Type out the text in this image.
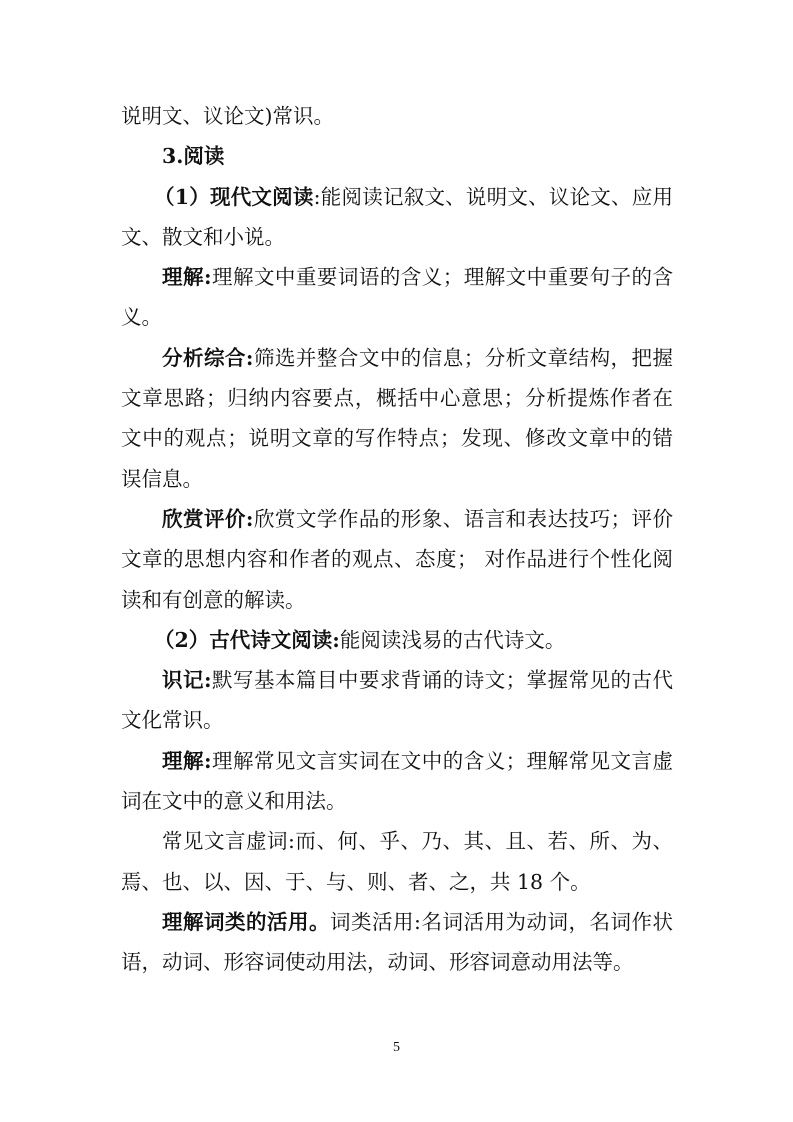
说明文、议论文)常识。

3.阅读

（1）现代文阅读:能阅读记叙文、说明文、议论文、应用文、散文和小说。

理解:理解文中重要词语的含义；理解文中重要句子的含义。

分析综合:筛选并整合文中的信息；分析文章结构，把握文章思路；归纳内容要点，概括中心意思；分析提炼作者在文中的观点；说明文章的写作特点；发现、修改文章中的错误信息。

欣赏评价:欣赏文学作品的形象、语言和表达技巧；评价文章的思想内容和作者的观点、态度； 对作品进行个性化阅读和有创意的解读。

（2）古代诗文阅读:能阅读浅易的古代诗文。

识记:默写基本篇目中要求背诵的诗文；掌握常见的古代文化常识。

理解:理解常见文言实词在文中的含义；理解常见文言虚词在文中的意义和用法。

常见文言虚词:而、何、乎、乃、其、且、若、所、为、焉、也、以、因、于、与、则、者、之，共 18 个。

理解词类的活用。词类活用:名词活用为动词，名词作状语，动词、形容词使动用法，动词、形容词意动用法等。

5
